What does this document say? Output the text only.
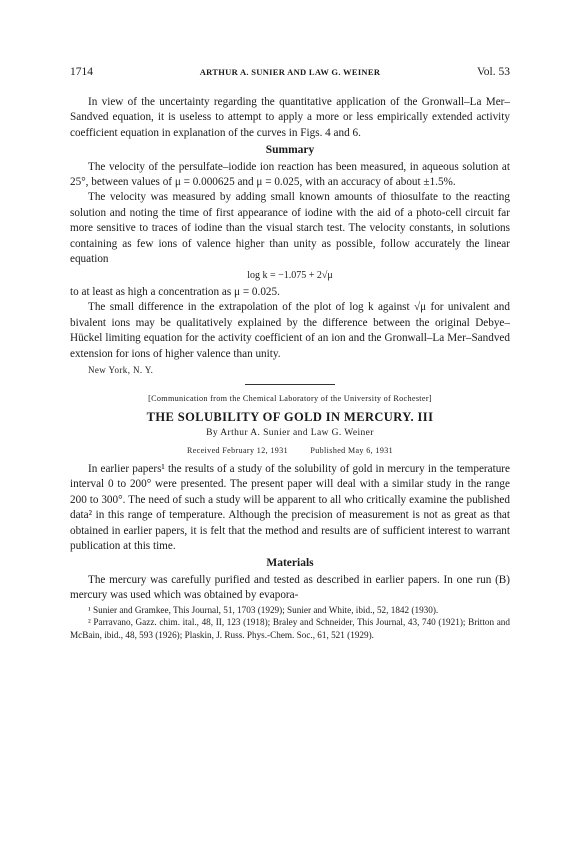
1714	ARTHUR A. SUNIER AND LAW G. WEINER	Vol. 53

In view of the uncertainty regarding the quantitative application of the Gronwall–La Mer–Sandved equation, it is useless to attempt to apply a more or less empirically extended activity coefficient equation in explanation of the curves in Figs. 4 and 6.

Summary

The velocity of the persulfate–iodide ion reaction has been measured, in aqueous solution at 25°, between values of μ = 0.000625 and μ = 0.025, with an accuracy of about ±1.5%.

The velocity was measured by adding small known amounts of thiosulfate to the reacting solution and noting the time of first appearance of iodine with the aid of a photo-cell circuit far more sensitive to traces of iodine than the visual starch test. The velocity constants, in solutions containing as few ions of valence higher than unity as possible, follow accurately the linear equation

log k = −1.075 + 2√μ

to at least as high a concentration as μ = 0.025.

The small difference in the extrapolation of the plot of log k against √μ for univalent and bivalent ions may be qualitatively explained by the difference between the original Debye–Hückel limiting equation for the activity coefficient of an ion and the Gronwall–La Mer–Sandved extension for ions of higher valence than unity.

New York, N. Y.
[Communication from the Chemical Laboratory of the University of Rochester]
THE SOLUBILITY OF GOLD IN MERCURY. III
By Arthur A. Sunier and Law G. Weiner
Received February 12, 1931	Published May 6, 1931

In earlier papers¹ the results of a study of the solubility of gold in mercury in the temperature interval 0 to 200° were presented. The present paper will deal with a similar study in the range 200 to 300°. The need of such a study will be apparent to all who critically examine the published data² in this range of temperature. Although the precision of measurement is not as great as that obtained in earlier papers, it is felt that the method and results are of sufficient interest to warrant publication at this time.

Materials

The mercury was carefully purified and tested as described in earlier papers. In one run (B) mercury was used which was obtained by evapora-

¹ Sunier and Gramkee, This Journal, 51, 1703 (1929); Sunier and White, ibid., 52, 1842 (1930).

² Parravano, Gazz. chim. ital., 48, II, 123 (1918); Braley and Schneider, This Journal, 43, 740 (1921); Britton and McBain, ibid., 48, 593 (1926); Plaskin, J. Russ. Phys.-Chem. Soc., 61, 521 (1929).
